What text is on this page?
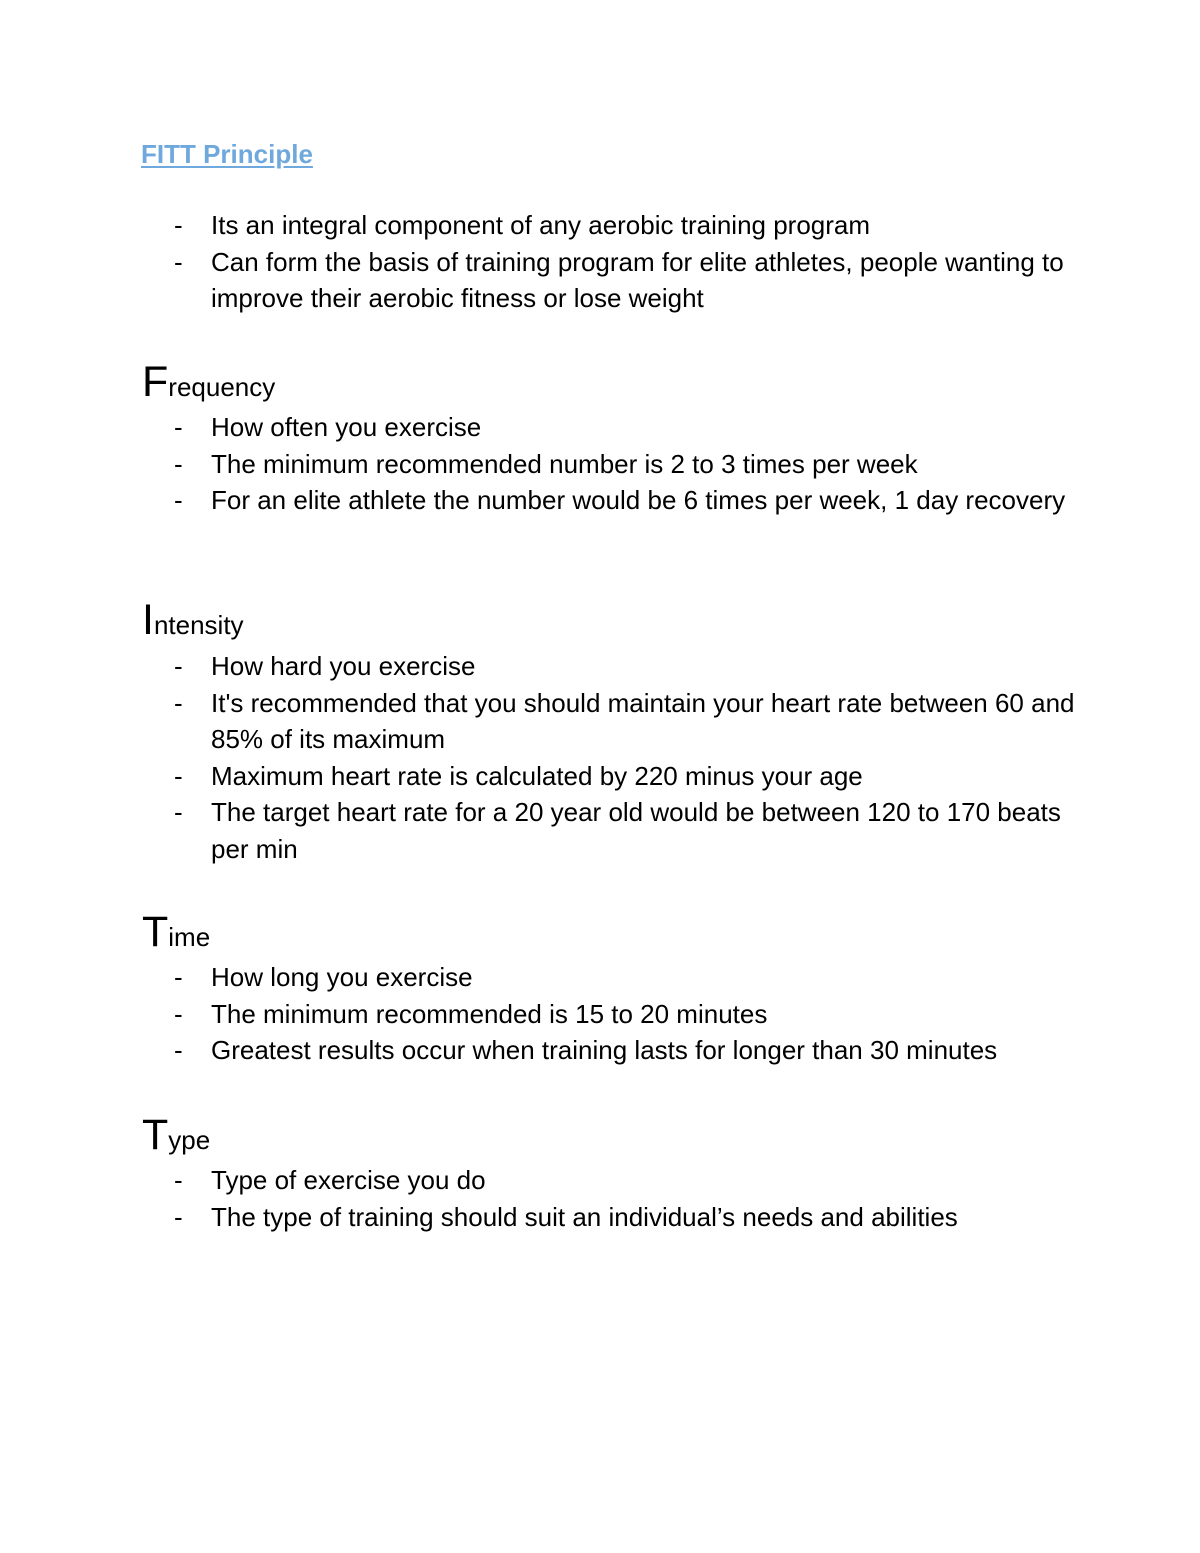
FITT Principle
- Its an integral component of any aerobic training program
- Can form the basis of training program for elite athletes, people wanting to improve their aerobic fitness or lose weight
Frequency
- How often you exercise
- The minimum recommended number is 2 to 3 times per week
- For an elite athlete the number would be 6 times per week, 1 day recovery
Intensity
- How hard you exercise
- It's recommended that you should maintain your heart rate between 60 and 85% of its maximum
- Maximum heart rate is calculated by 220 minus your age
- The target heart rate for a 20 year old would be between 120 to 170 beats per min
Time
- How long you exercise
- The minimum recommended is 15 to 20 minutes
- Greatest results occur when training lasts for longer than 30 minutes
Type
- Type of exercise you do
- The type of training should suit an individual’s needs and abilities
